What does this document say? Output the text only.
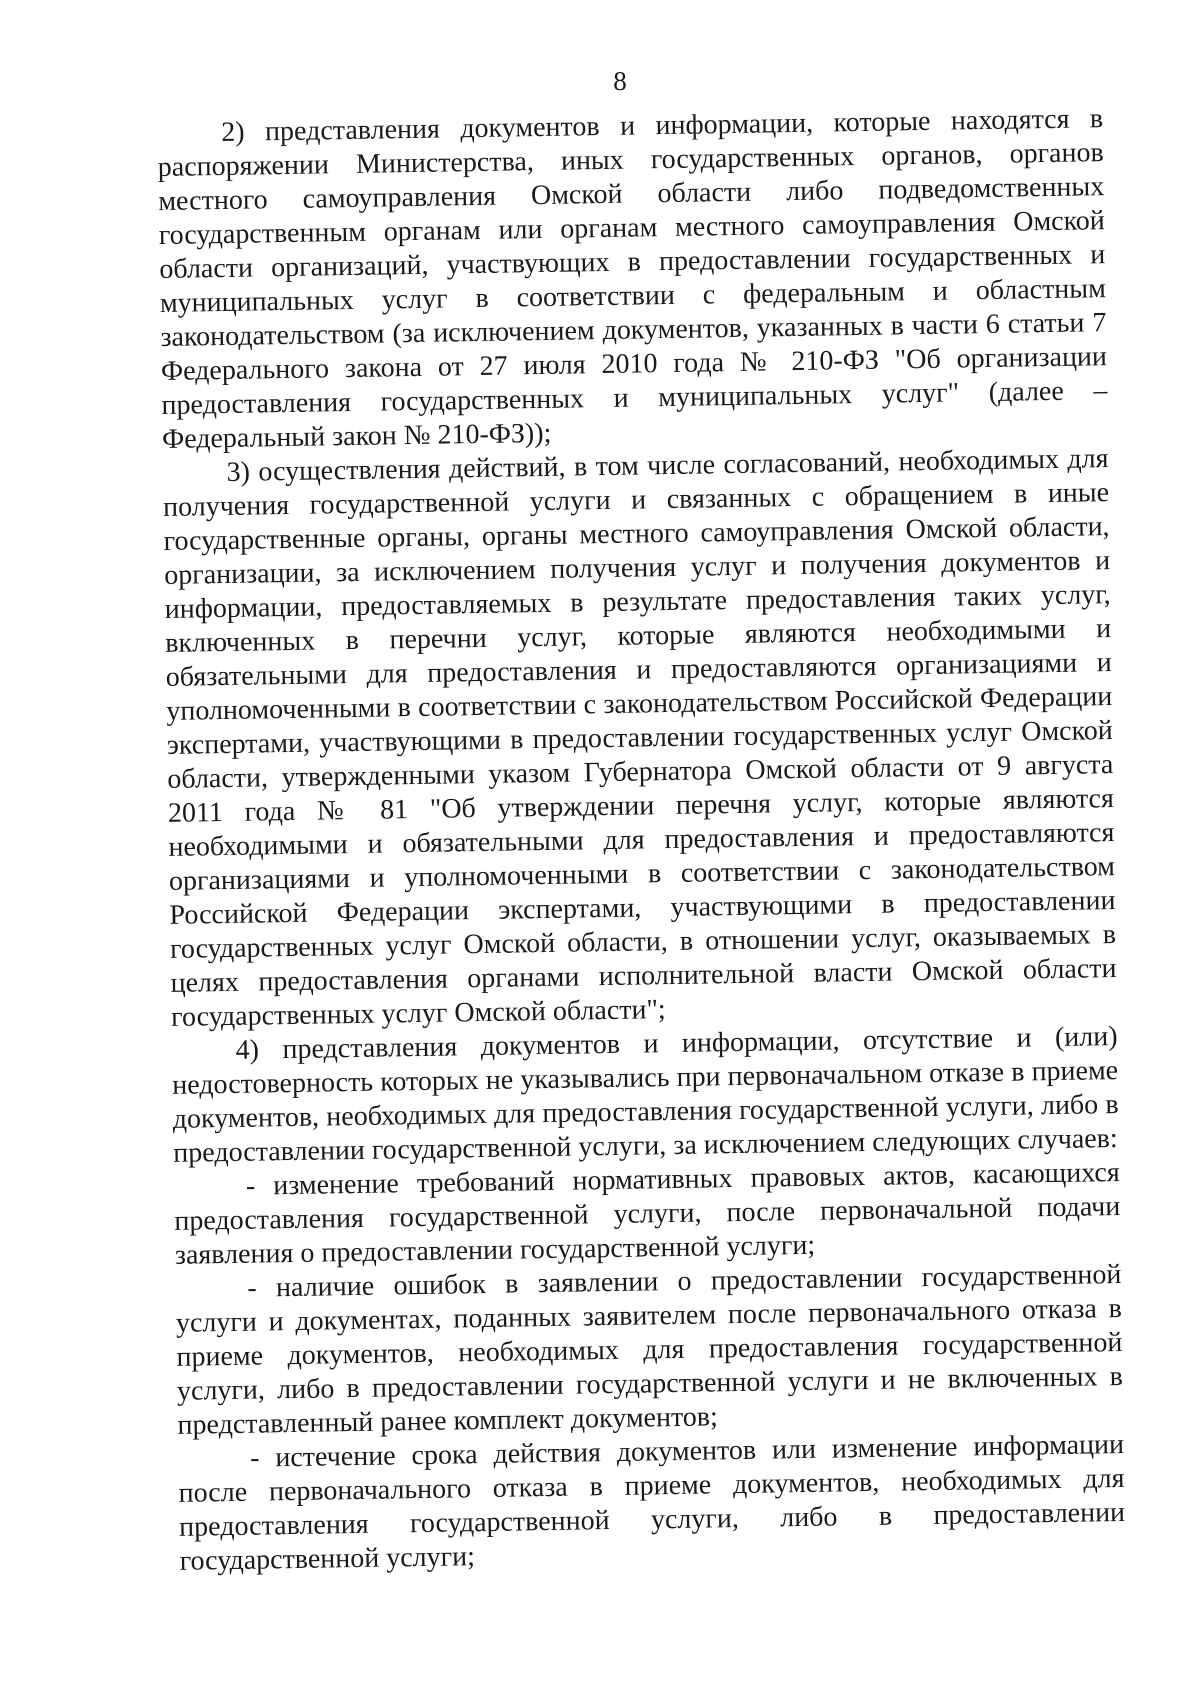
8

2) представления документов и информации, которые находятся в распоряжении Министерства, иных государственных органов, органов местного самоуправления Омской области либо подведомственных государственным органам или органам местного самоуправления Омской области организаций, участвующих в предоставлении государственных и муниципальных услуг в соответствии с федеральным и областным законодательством (за исключением документов, указанных в части 6 статьи 7 Федерального закона от 27 июля 2010 года № 210-ФЗ "Об организации предоставления государственных и муниципальных услуг" (далее – Федеральный закон № 210-ФЗ));

3) осуществления действий, в том числе согласований, необходимых для получения государственной услуги и связанных с обращением в иные государственные органы, органы местного самоуправления Омской области, организации, за исключением получения услуг и получения документов и информации, предоставляемых в результате предоставления таких услуг, включенных в перечни услуг, которые являются необходимыми и обязательными для предоставления и предоставляются организациями и уполномоченными в соответствии с законодательством Российской Федерации экспертами, участвующими в предоставлении государственных услуг Омской области, утвержденными указом Губернатора Омской области от 9 августа 2011 года № 81 "Об утверждении перечня услуг, которые являются необходимыми и обязательными для предоставления и предоставляются организациями и уполномоченными в соответствии с законодательством Российской Федерации экспертами, участвующими в предоставлении государственных услуг Омской области, в отношении услуг, оказываемых в целях предоставления органами исполнительной власти Омской области государственных услуг Омской области";

4) представления документов и информации, отсутствие и (или) недостоверность которых не указывались при первоначальном отказе в приеме документов, необходимых для предоставления государственной услуги, либо в предоставлении государственной услуги, за исключением следующих случаев:

- изменение требований нормативных правовых актов, касающихся предоставления государственной услуги, после первоначальной подачи заявления о предоставлении государственной услуги;

- наличие ошибок в заявлении о предоставлении государственной услуги и документах, поданных заявителем после первоначального отказа в приеме документов, необходимых для предоставления государственной услуги, либо в предоставлении государственной услуги и не включенных в представленный ранее комплект документов;

- истечение срока действия документов или изменение информации после первоначального отказа в приеме документов, необходимых для предоставления государственной услуги, либо в предоставлении государственной услуги;
